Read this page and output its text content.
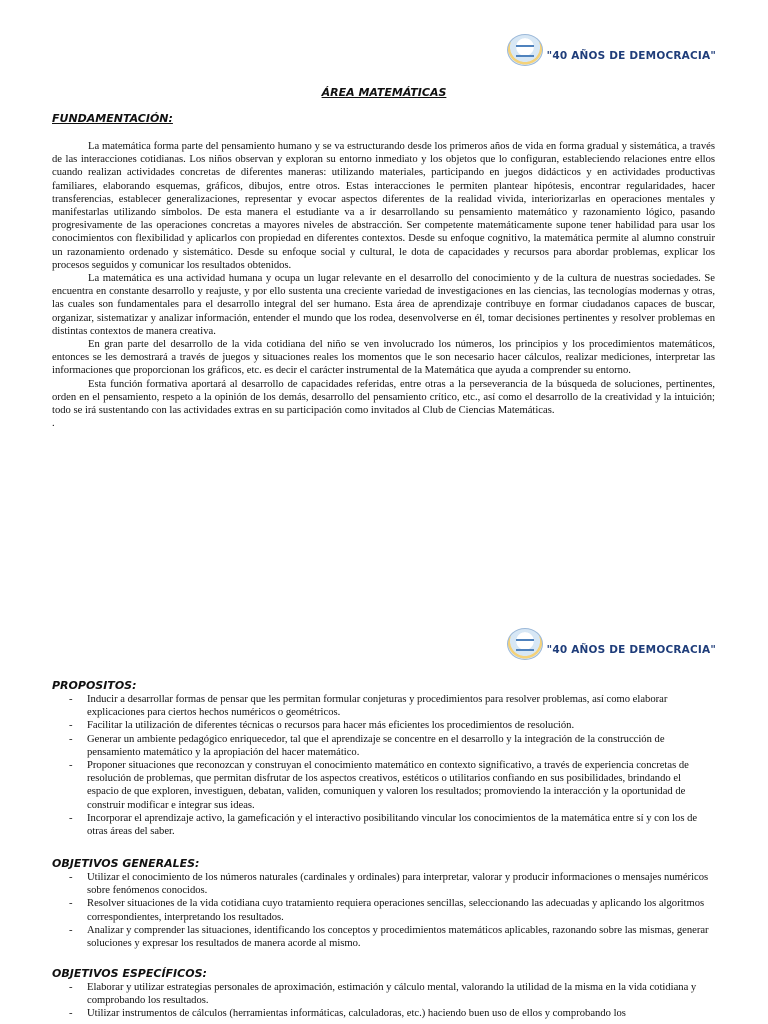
"40 AÑOS DE DEMOCRACIA"
ÁREA MATEMÁTICAS
FUNDAMENTACIÓN:

La matemática forma parte del pensamiento humano y se va estructurando desde los primeros años de vida en forma gradual y sistemática, a través de las interacciones cotidianas. Los niños observan y exploran su entorno inmediato y los objetos que lo configuran, estableciendo relaciones entre ellos cuando realizan actividades concretas de diferentes maneras: utilizando materiales, participando en juegos didácticos y en actividades productivas familiares, elaborando esquemas, gráficos, dibujos, entre otros. Estas interacciones le permiten plantear hipótesis, encontrar regularidades, hacer transferencias, establecer generalizaciones, representar y evocar aspectos diferentes de la realidad vivida, interiorizarlas en operaciones mentales y manifestarlas utilizando símbolos. De esta manera el estudiante va a ir desarrollando su pensamiento matemático y razonamiento lógico, pasando progresivamente de las operaciones concretas a mayores niveles de abstracción. Ser competente matemáticamente supone tener habilidad para usar los conocimientos con flexibilidad y aplicarlos con propiedad en diferentes contextos. Desde su enfoque cognitivo, la matemática permite al alumno construir un razonamiento ordenado y sistemático. Desde su enfoque social y cultural, le dota de capacidades y recursos para abordar problemas, explicar los procesos seguidos y comunicar los resultados obtenidos.

La matemática es una actividad humana y ocupa un lugar relevante en el desarrollo del conocimiento y de la cultura de nuestras sociedades. Se encuentra en constante desarrollo y reajuste, y por ello sustenta una creciente variedad de investigaciones en las ciencias, las tecnologías modernas y otras, las cuales son fundamentales para el desarrollo integral del ser humano. Esta área de aprendizaje contribuye en formar ciudadanos capaces de buscar, organizar, sistematizar y analizar información, entender el mundo que los rodea, desenvolverse en él, tomar decisiones pertinentes y resolver problemas en distintas contextos de manera creativa.

En gran parte del desarrollo de la vida cotidiana del niño se ven involucrado los números, los principios y los procedimientos matemáticos, entonces se les demostrará a través de juegos y situaciones reales los momentos que le son necesario hacer cálculos, realizar mediciones, interpretar las informaciones que proporcionan los gráficos, etc. es decir el carácter instrumental de la Matemática que ayuda a comprender su entorno.

Esta función formativa aportará al desarrollo de capacidades referidas, entre otras a la perseverancia de la búsqueda de soluciones, pertinentes, orden en el pensamiento, respeto a la opinión de los demás, desarrollo del pensamiento crítico, etc., así como el desarrollo de la creatividad y la intuición; todo se irá sustentando con las actividades extras en su participación como invitados al Club de Ciencias Matemáticas.

.
"40 AÑOS DE DEMOCRACIA"
PROPOSITOS:
- Inducir a desarrollar formas de pensar que les permitan formular conjeturas y procedimientos para resolver problemas, así como elaborar explicaciones para ciertos hechos numéricos o geométricos.
- Facilitar la utilización de diferentes técnicas o recursos para hacer más eficientes los procedimientos de resolución.
- Generar un ambiente pedagógico enriquecedor, tal que el aprendizaje se concentre en el desarrollo y la integración de la construcción de pensamiento matemático y la apropiación del hacer matemático.
- Proponer situaciones que reconozcan y construyan el conocimiento matemático en contexto significativo, a través de experiencia concretas de resolución de problemas, que permitan disfrutar de los aspectos creativos, estéticos o utilitarios confiando en sus posibilidades, brindando el espacio de que exploren, investiguen, debatan, validen, comuniquen y valoren los resultados; promoviendo la interacción y la oportunidad de construir modificar e integrar sus ideas.
- Incorporar el aprendizaje activo, la gameficación y el interactivo posibilitando vincular los conocimientos de la matemática entre sí y con los de otras áreas del saber.
OBJETIVOS GENERALES:
- Utilizar el conocimiento de los números naturales (cardinales y ordinales) para interpretar, valorar y producir informaciones o mensajes numéricos sobre fenómenos conocidos.
- Resolver situaciones de la vida cotidiana cuyo tratamiento requiera operaciones sencillas, seleccionando las adecuadas y aplicando los algoritmos correspondientes, interpretando los resultados.
- Analizar y comprender las situaciones, identificando los conceptos y procedimientos matemáticos aplicables, razonando sobre las mismas, generar soluciones y expresar los resultados de manera acorde al mismo.
OBJETIVOS ESPECÍFICOS:
- Elaborar y utilizar estrategias personales de aproximación, estimación y cálculo mental, valorando la utilidad de la misma en la vida cotidiana y comprobando los resultados.
- Utilizar instrumentos de cálculos (herramientas informáticas, calculadoras, etc.) haciendo buen uso de ellos y comprobando los
